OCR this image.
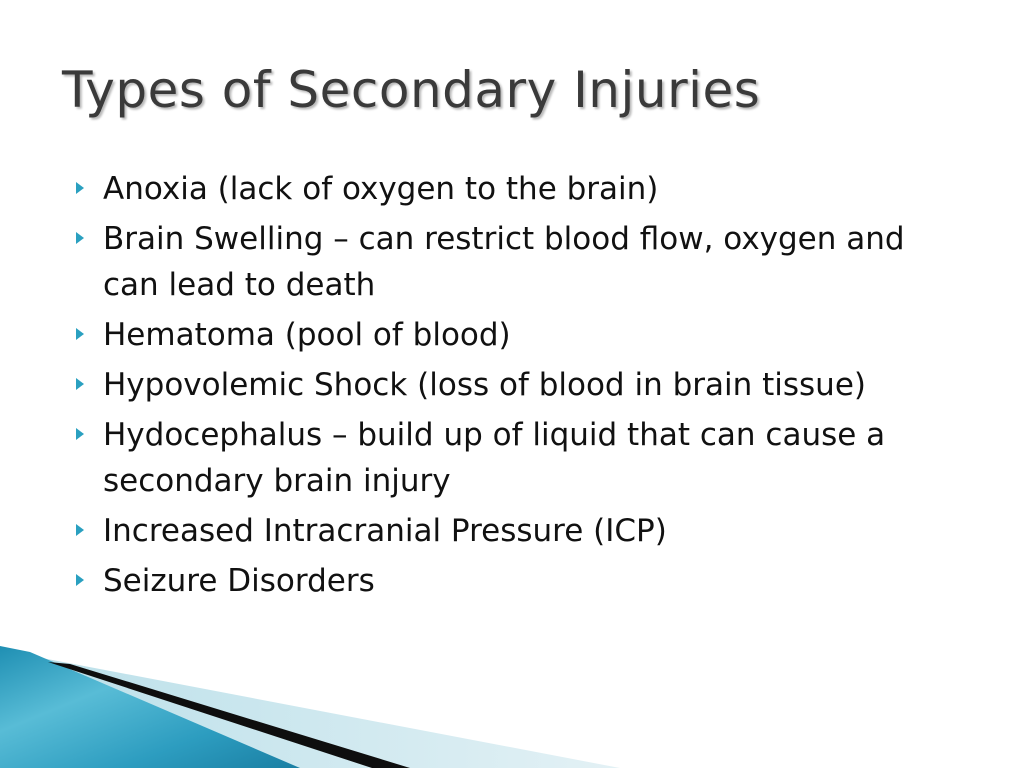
Types of Secondary Injuries
Anoxia (lack of oxygen to the brain)
Brain Swelling – can restrict blood flow, oxygen and can lead to death
Hematoma (pool of blood)
Hypovolemic Shock (loss of blood in brain tissue)
Hydocephalus – build up of liquid that can cause a secondary brain injury
Increased Intracranial Pressure (ICP)
Seizure Disorders
